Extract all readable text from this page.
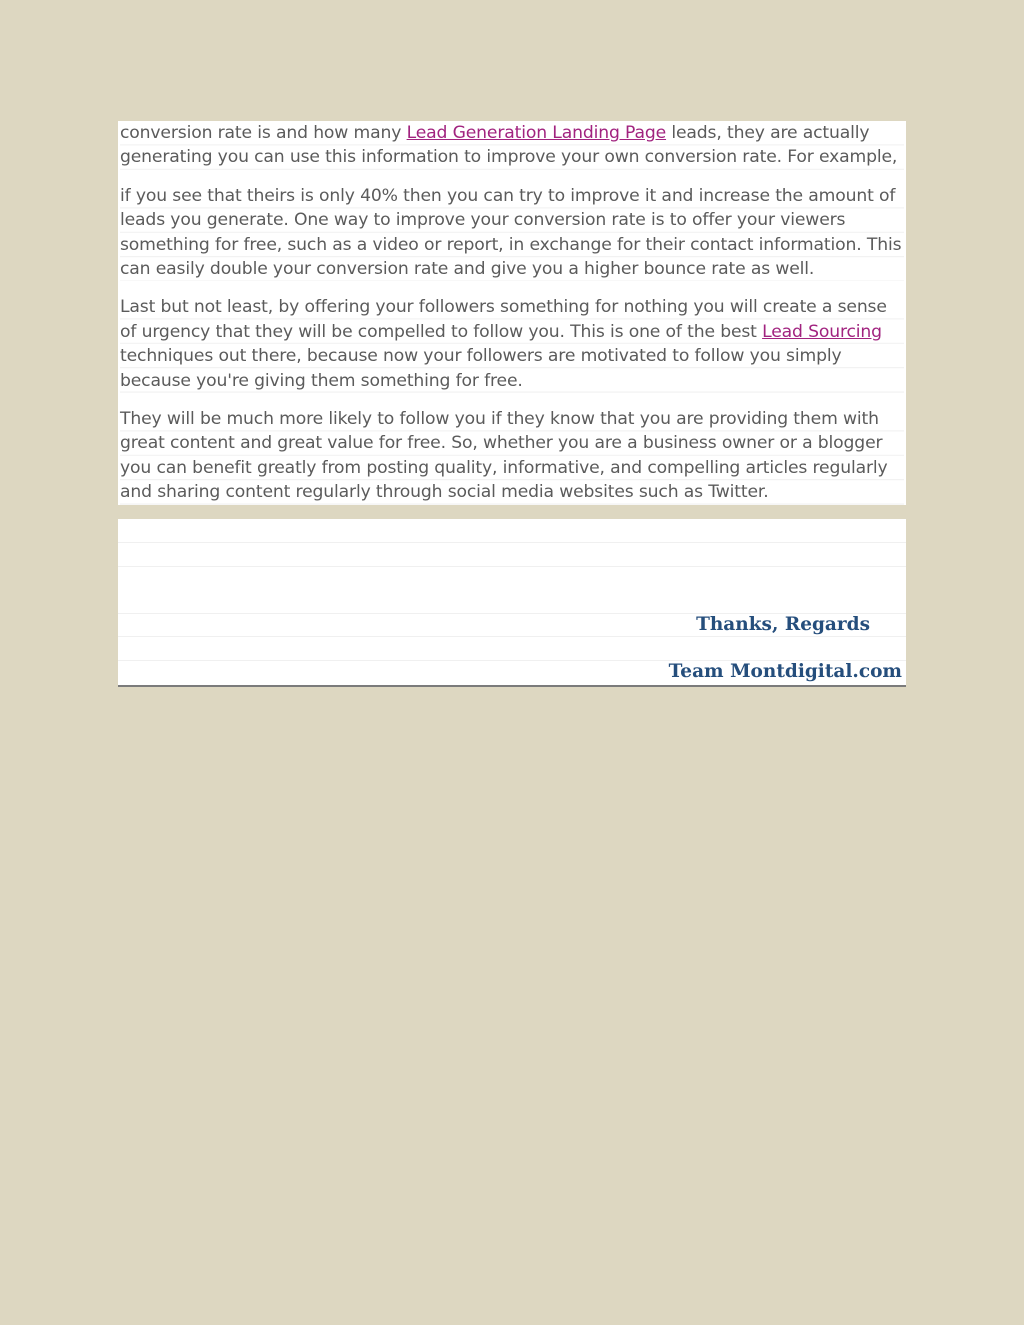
conversion rate is and how many Lead Generation Landing Page leads, they are actually generating you can use this information to improve your own conversion rate. For example,

if you see that theirs is only 40% then you can try to improve it and increase the amount of leads you generate. One way to improve your conversion rate is to offer your viewers something for free, such as a video or report, in exchange for their contact information. This can easily double your conversion rate and give you a higher bounce rate as well.

Last but not least, by offering your followers something for nothing you will create a sense of urgency that they will be compelled to follow you. This is one of the best Lead Sourcing techniques out there, because now your followers are motivated to follow you simply because you're giving them something for free.

They will be much more likely to follow you if they know that you are providing them with great content and great value for free. So, whether you are a business owner or a blogger you can benefit greatly from posting quality, informative, and compelling articles regularly and sharing content regularly through social media websites such as Twitter.

Thanks, Regards
Team Montdigital.com
